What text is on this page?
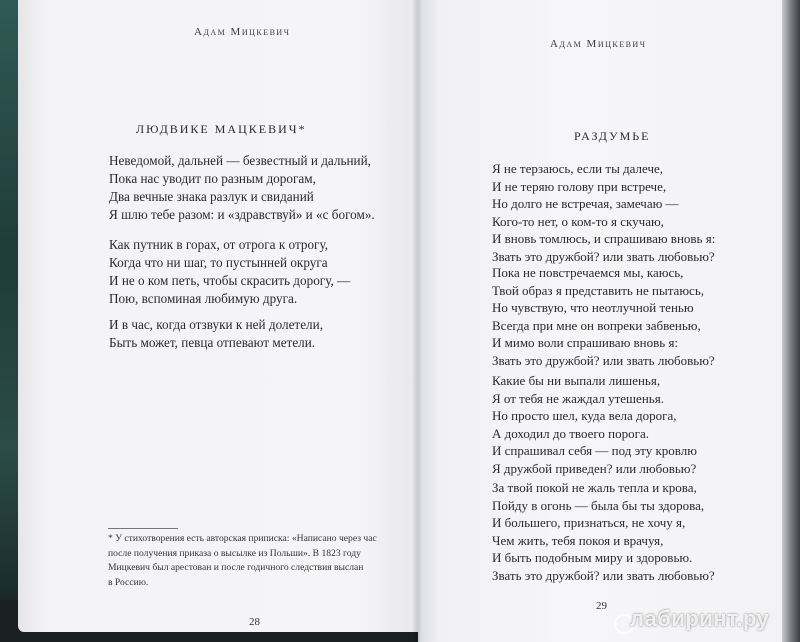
Адам Мицкевич
ЛЮДВИКЕ МАЦКЕВИЧ*
Неведомой, дальней — безвестный и дальний,
Пока нас уводит по разным дорогам,
Два вечные знака разлук и свиданий
Я шлю тебе разом: и «здравствуй» и «с богом».
Как путник в горах, от отрога к отрогу,
Когда что ни шаг, то пустынней округа
И не о ком петь, чтобы скрасить дорогу, —
Пою, вспоминая любимую друга.
И в час, когда отзвуки к ней долетели,
Быть может, певца отпевают метели.
* У стихотворения есть авторская приписка: «Написано через час
после получения приказа о высылке из Польши». В 1823 году
Мицкевич был арестован и после годичного следствия выслан
в Россию.
28
Адам Мицкевич
РАЗДУМЬЕ
Я не терзаюсь, если ты далече,
И не теряю голову при встрече,
Но долго не встречая, замечаю —
Кого-то нет, о ком-то я скучаю,
И вновь томлюсь, и спрашиваю вновь я:
Звать это дружбой? или звать любовью?
Пока не повстречаемся мы, каюсь,
Твой образ я представить не пытаюсь,
Но чувствую, что неотлучной тенью
Всегда при мне он вопреки забвенью,
И мимо воли спрашиваю вновь я:
Звать это дружбой? или звать любовью?
Какие бы ни выпали лишенья,
Я от тебя не жаждал утешенья.
Но просто шел, куда вела дорога,
А доходил до твоего порога.
И спрашивал себя — под эту кровлю
Я дружбой приведен? или любовью?
За твой покой не жаль тепла и крова,
Пойду в огонь — была бы ты здорова,
И большего, признаться, не хочу я,
Чем жить, тебя покоя и врачуя,
И быть подобным миру и здоровью.
Звать это дружбой? или звать любовью?
29 лабиринт.ру
